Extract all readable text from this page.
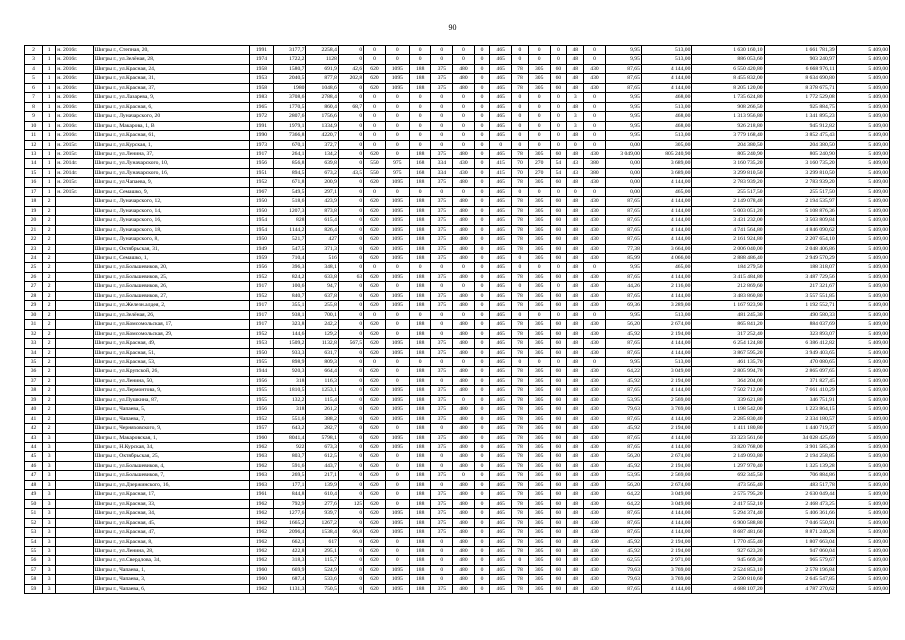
90
2	1	н. 2016г.	Шигры г., Степная, 20,	1991	3177,7	2258,4	0	0	0	0	0	0	0	465	0	0	0	48	0	9,95	513,00	1 630 160,10	1 661 781,39	5 409,00
3	1	н. 2016г.	Шигры г., ул.Зелёная, 28,	1974	1722,2	1128	0	0	0	0	0	0	0	465	0	0	0	48	0	9,95	513,00	886 053,60	903 240,97	5 409,00
4	1	н. 2016г.	Шигры г., ул.Красная, 24,	1958	1580,7	691,9	42,6	620	1095	188	375	480	0	465	78	305	60	48	430	87,65	4 144,00	6 550 420,80	6 668 976,11	5 409,00
5	1	н. 2016г.	Шигры г., ул.Красная, 31,	1953	2040,5	877,8	202,8	620	1095	188	375	480	0	465	78	305	60	48	430	87,65	4 144,00	8 455 832,00	8 634 690,80	5 409,00
6	1	н. 2016г.	Шигры г., ул.Красная, 37,	1958	1980	1048,6	0	620	1095	188	375	480	0	465	78	305	60	48	430	87,65	4 144,00	8 205 120,00	8 378 675,71	5 409,00
7	1	н. 2016г.	Шигры г., ул.Лазарева, 9,	1983	3708,6	2788,4	0	0	0	0	0	0	0	465	0	0	0	3	0	9,95	468,00	1 735 624,80	1 772 529,08	5 409,00
8	1	н. 2016г.	Шигры г., ул.Красная, 6,	1965	1770,5	860,4	68,7	0	0	0	0	0	0	465	0	0	0	48	0	9,95	513,00	908 266,50	925 884,75	5 409,00
9	1	н. 2016г.	Шигры г., Луначарского, 20	1972	2807,6	1756,6	0	0	0	0	0	0	0	465	0	0	0	3	0	9,95	468,00	1 313 956,80	1 341 895,23	5 409,00
10	1	н. 2016г.	Шигры г., Макарова, 1, В	1991	1979,1	1334,9	0	0	0	0	0	0	0	465	0	0	0	3	0	9,95	468,00	926 218,80	945 912,82	5 409,00
11	1	н. 2016г.	Шигры г., ул.Красная, 61,	1990	7366,8	4220,7	0	0	0	0	0	0	0	465	0	0	0	48	0	9,95	513,00	3 779 168,40	3 852 475,43	5 409,00
12	1	н. 2015г.	Шигры г., ул.Курская, 1,	1973	670,1	372,7	0	0	0	0	0	0	0	0	0	0	0	0	0	0,00	305,00	204 380,50	204 380,50	5 409,00
13	1	н. 2015г.	Шигры г., ул.Ленина, 37,	1917	264,1	134,2	0	620	0	188	375	480	0	465	78	305	60	48	430	3 049,00	805 240,90	805 240,90	805 240,90	5 409,00
14	1	н. 2014г.	Шигры г., ул.Луначарского, 10,	1956	856,8	639,8	0	550	975	168	334	430	0	415	70	270	54	43	380	0,00	3 689,00	3 160 735,20	3 160 735,20	5 409,00
15	1	н. 2014г.	Шигры г., ул.Луначарского, 16,	1951	894,5	673,2	43,5	550	975	168	334	430	0	415	70	270	54	43	380	0,00	3 689,00	3 299 810,50	3 299 810,50	5 409,00
16	1	н. 2015г.	Шигры г., ул.Чапаева, 9,	1952	671,8	200,9	0	620	1095	188	375	480	0	465	78	305	60	48	430	0,00	4 144,00	2 783 939,20	2 783 939,20	5 409,00
17	1	н. 2015г.	Шигры г., Семашко, 9,	1967	549,5	297,1	0	0	0	0	0	0	0	465	0	0	0	0	0	0,00	465,00	255 517,50	255 517,50	5 409,00
18	2		Шигры г., Луначарского, 12,	1950	518,6	423,9	0	620	1095	188	375	480	0	465	78	305	60	48	430	87,65	4 144,00	2 149 078,40	2 194 535,97	5 409,00
19	2		Шигры г., Луначарского, 14,	1950	1207,3	873,8	0	620	1095	188	375	480	0	465	78	305	60	48	430	87,65	4 144,00	5 003 051,20	5 108 876,36	5 409,00
20	2		Шигры г., Луначарского, 16,	1954	828	615,4	0	620	1095	188	375	480	0	465	78	305	60	48	430	87,65	4 144,00	3 431 232,00	3 503 809,84	5 409,00
21	2		Шигры г., Луначарского, 18,	1954	1144,2	826,4	0	620	1095	188	375	480	0	465	78	305	60	48	430	87,65	4 144,00	4 741 564,80	4 846 090,62	5 409,00
22	2		Шигры г., Луначарского, 8,	1950	521,7	427	0	620	1095	188	375	480	0	465	78	305	60	48	430	87,65	4 144,00	2 161 924,80	2 207 654,10	5 409,00
23	2		Шигры г., Октябрьская, 31,	1949	547,5	371,3	0	620	1095	188	375	480	0	465	78	305	60	48	430	77,38	3 664,00	2 006 040,00	2 048 406,86	5 409,00
24	2		Шигры г., Семашко, 1,	1959	710,4	516	0	620	1095	188	375	480	0	465	0	305	60	48	430	85,99	4 066,00	2 888 486,40	2 949 570,29	5 409,00
25	2		Шигры г., ул.Большевиков, 20,	1956	396,3	348,1	0	0	0	0	0	0	0	465	0	0	0	48	0	9,95	465,00	184 279,50	188 318,07	5 409,00
26	2		Шигры г., ул.Большевиков, 25,	1952	824,2	633,8	63	620	1095	188	375	480	0	465	78	305	60	48	430	87,65	4 144,00	3 415 484,80	3 487 729,56	5 409,00
27	2		Шигры г., ул.Большевиков, 26,	1917	100,6	94,7	0	620	0	188	0	0	0	465	0	305	0	48	430	44,26	2 116,00	212 869,60	217 321,67	5 409,00
28	2		Шигры г., ул.Большевиков, 27,	1952	840,7	637,8	0	620	1095	188	375	480	0	465	78	305	60	48	430	87,65	4 144,00	3 483 860,80	3 557 551,85	5 409,00
29	2		Шигры г., ул.Железн.алдея, 2,	1917	355,1	255,8	0	620	1095	188	375	480	0	465	78	305	60	48	430	69,36	3 289,00	1 167 923,90	1 192 552,71	5 409,00
30	2		Шигры г., ул.Зелёная, 26,	1917	938,1	700,1	0	0	0	0	0	0	0	465	0	0	0	48	0	9,95	513,00	481 245,30	490 580,33	5 409,00
31	2		Шигры г., ул.Комсомольская, 17,	1917	323,8	242,2	0	620	0	188	0	480	0	465	78	305	60	48	430	56,20	2 674,00	865 841,20	884 037,69	5 409,00
32	2		Шигры г., ул.Комсомольская, 29,	1952	144,6	129,2	0	620	0	188	0	480	0	465	78	305	60	48	430	45,92	2 194,00	317 252,40	323 893,07	5 409,00
33	2		Шигры г., ул.Красная, 49,	1953	1509,2	1132,8	567,5	620	1095	188	375	480	0	465	78	305	60	48	430	87,65	4 144,00	6 254 124,80	6 386 412,82	5 409,00
34	2		Шигры г., ул.Красная, 51,	1950	933,3	631,7	0	620	1095	188	375	480	0	465	78	305	60	48	430	87,65	4 144,00	3 867 595,20	3 949 403,65	5 409,00
35	2		Шигры г., ул.Красная, 53,	1955	898,9	809,3	0	0	0	0	0	0	0	465	0	0	0	48	0	9,95	513,00	461 135,70	470 080,65	5 409,00
36	2		Шигры г., ул.Крупской, 26,	1944	920,3	664,4	0	620	0	188	375	480	0	465	78	305	60	48	430	64,22	3 049,00	2 805 994,70	2 865 097,65	5 409,00
37	2		Шигры г., ул.Ленина, 50,	1956	318	116,3	0	620	0	188	0	480	0	465	78	305	60	48	430	45,92	2 194,00	364 204,00	371 827,45	5 409,00
38	2		Шигры г., ул.Лермонтова, 9,	1955	1810,5	1253,1	0	620	1095	188	375	480	0	465	78	305	60	48	430	87,65	4 144,00	7 502 712,00	7 661 410,29	5 409,00
39	2		Шигры г., ул.Пушкина, 87,	1955	132,2	115,4	0	620	1095	188	375	0	0	465	78	305	60	48	430	53,95	2 569,00	339 621,80	346 751,91	5 409,00
40	2		Шигры г., Чапаева, 5,	1956	318	261,2	0	620	1095	188	375	480	0	465	78	305	60	48	430	79,63	3 769,00	1 198 542,00	1 223 864,15	5 409,00
41	2		Шигры г., Чапаева, 7,	1952	551,6	388,2	0	620	1095	188	375	480	0	465	78	305	60	48	430	87,65	4 144,00	2 285 830,40	2 334 180,57	5 409,00
42	2		Шигры г., Черняховского, 9,	1957	643,2	282,7	0	620	0	188	0	480	0	465	78	305	60	48	430	45,92	2 194,00	1 411 180,80	1 440 719,37	5 409,00
43	3		Шигры г., Макаровская, 1,	1960	8041,4	5798,1	0	620	1095	188	375	480	0	465	78	305	60	48	430	87,65	4 144,00	33 323 561,60	34 028 425,69	5 409,00
44	3		Шигры г., Н.Курская, 34,	1962	922	673,3	0	620	1095	188	375	480	0	465	78	305	60	48	430	87,65	4 144,00	3 820 768,00	3 901 585,36	5 409,00
45	3		Шигры г., Октябрьская, 25,	1963	803,7	612,5	0	620	0	188	0	480	0	465	78	305	60	48	430	56,20	2 674,00	2 149 093,80	2 194 258,85	5 409,00
46	3		Шигры г., ул.Большевиков, 4,	1962	591,6	443,7	0	620	0	188	0	480	0	465	78	305	60	48	430	45,92	2 194,00	1 297 970,40	1 325 139,28	5 409,00
47	3		Шигры г., ул.Большевиков, 7,	1963	269,5	217,1	0	620	0	188	375	0	0	465	78	305	60	48	430	53,95	2 569,00	692 345,50	706 884,86	5 409,00
48	3		Шигры г., ул.Дзержинского, 16,	1963	177,1	139,9	0	620	0	188	0	480	0	465	78	305	60	48	430	56,20	2 674,00	473 565,40	483 517,78	5 409,00
49	3		Шигры г., ул.Красная, 17,	1961	844,8	610,4	0	620	0	188	375	480	0	465	78	305	60	48	430	64,22	3 049,00	2 575 795,20	2 630 049,44	5 409,00
50	3		Шигры г., ул.Красная, 33,	1962	792,9	277,6	125	620	0	188	375	480	0	465	78	305	60	48	430	64,22	3 049,00	2 417 552,10	2 468 473,25	5 409,00
51	3		Шигры г., ул.Красная, 34,	1962	1277,6	939,7	0	620	1095	188	375	480	0	465	78	305	60	48	430	87,65	4 144,00	5 294 374,40	5 406 361,66	5 409,00
52	3		Шигры г., ул.Красная, 45,	1962	1665,2	1267,2	0	620	1095	188	375	480	0	465	78	305	60	48	430	87,65	4 144,00	6 900 588,80	7 046 550,91	5 409,00
53	3		Шигры г., ул.Красная, 47,	1962	2096,4	1538,4	66,8	620	1095	188	375	480	0	465	78	305	60	48	430	87,65	4 144,00	8 687 481,60	8 871 240,28	5 409,00
54	3		Шигры г., ул.Красная, 8,	1962	662,1	617	0	620	0	188	0	480	0	465	78	305	60	48	430	45,92	2 194,00	1 770 455,40	1 807 663,04	5 409,00
55	3		Шигры г., ул.Ленина, 28,	1962	422,8	295,1	0	620	0	188	0	480	0	465	78	305	60	48	430	45,92	2 194,00	927 623,20	947 060,04	5 409,00
56	3		Шигры г., ул.Свердлова, 34,	1962	318,3	115,7	0	620	0	188	0	480	0	465	0	305	60	48	430	62,55	2 971,00	945 669,30	965 579,67	5 409,00
57	3		Шигры г., Чапаева, 1,	1960	669,9	524,9	0	620	1095	188	0	480	0	465	78	305	60	48	430	79,63	3 769,00	2 524 853,10	2 578 196,84	5 409,00
58	3		Шигры г., Чапаева, 3,	1960	687,4	533,6	0	620	1095	188	0	480	0	465	78	305	60	48	430	79,63	3 769,00	2 590 810,60	2 645 547,85	5 409,00
59	3		Шигры г., Чапаева, 6,	1962	1131,3	750,5	0	620	1095	188	375	480	0	465	78	305	60	48	430	87,65	4 144,00	4 688 107,20	4 787 270,62	5 409,00
